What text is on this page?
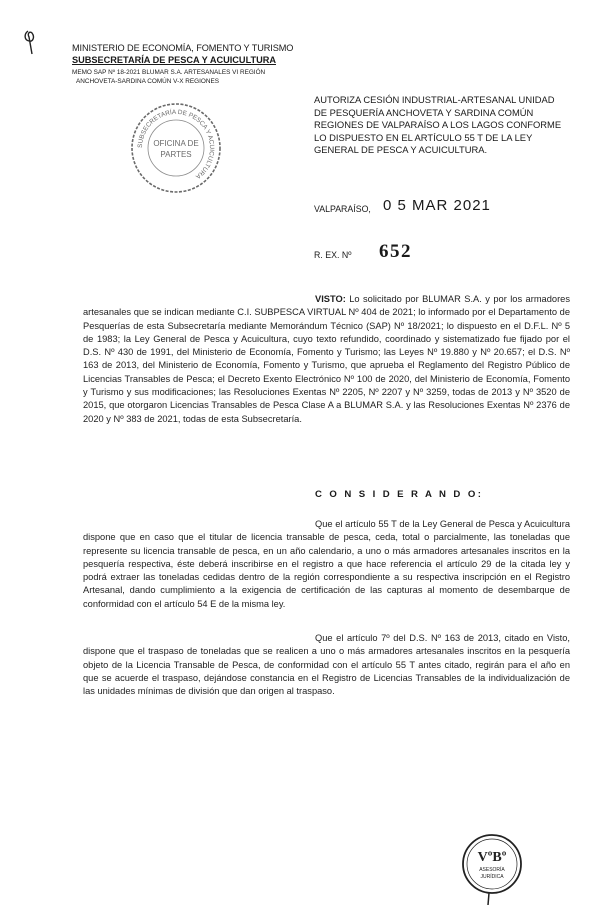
MINISTERIO DE ECONOMÍA, FOMENTO Y TURISMO
SUBSECRETARÍA DE PESCA Y ACUICULTURA
MEMO SAP Nº 18-2021 BLUMAR S.A. ARTESANALES VI REGIÓN
ANCHOVETA-SARDINA COMÚN V-X REGIONES
SUBSECRETARÍA DE PESCA Y ACUICULTURA
OFICINA DE
PARTES
AUTORIZA CESIÓN INDUSTRIAL-ARTESANAL UNIDAD DE PESQUERÍA ANCHOVETA Y SARDINA COMÚN REGIONES DE VALPARAÍSO A LOS LAGOS CONFORME LO DISPUESTO EN EL ARTÍCULO 55 T DE LA LEY GENERAL DE PESCA Y ACUICULTURA.
VALPARAÍSO, 0 5 MAR 2021
R. EX. Nº 652
VISTO: Lo solicitado por BLUMAR S.A. y por los armadores artesanales que se indican mediante C.I. SUBPESCA VIRTUAL Nº 404 de 2021; lo informado por el Departamento de Pesquerías de esta Subsecretaría mediante Memorándum Técnico (SAP) Nº 18/2021; lo dispuesto en el D.F.L. Nº 5 de 1983; la Ley General de Pesca y Acuicultura, cuyo texto refundido, coordinado y sistematizado fue fijado por el D.S. Nº 430 de 1991, del Ministerio de Economía, Fomento y Turismo; las Leyes Nº 19.880 y Nº 20.657; el D.S. Nº 163 de 2013, del Ministerio de Economía, Fomento y Turismo, que aprueba el Reglamento del Registro Público de Licencias Transables de Pesca; el Decreto Exento Electrónico Nº 100 de 2020, del Ministerio de Economía, Fomento y Turismo y sus modificaciones; las Resoluciones Exentas Nº 2205, Nº 2207 y Nº 3259, todas de 2013 y Nº 3520 de 2015, que otorgaron Licencias Transables de Pesca Clase A a BLUMAR S.A. y las Resoluciones Exentas Nº 2376 de 2020 y Nº 383 de 2021, todas de esta Subsecretaría.
C O N S I D E R A N D O:
Que el artículo 55 T de la Ley General de Pesca y Acuicultura dispone que en caso que el titular de licencia transable de pesca, ceda, total o parcialmente, las toneladas que represente su licencia transable de pesca, en un año calendario, a uno o más armadores artesanales inscritos en la pesquería respectiva, éste deberá inscribirse en el registro a que hace referencia el artículo 29 de la citada ley y podrá extraer las toneladas cedidas dentro de la región correspondiente a su respectiva inscripción en el Registro Artesanal, dando cumplimiento a la exigencia de certificación de las capturas al momento de desembarque de conformidad con el artículo 54 E de la misma ley.
Que el artículo 7º del D.S. Nº 163 de 2013, citado en Visto, dispone que el traspaso de toneladas que se realicen a uno o más armadores artesanales inscritos en la pesquería objeto de la Licencia Transable de Pesca, de conformidad con el artículo 55 T antes citado, regirán para el año en que se acuerde el traspaso, dejándose constancia en el Registro de Licencias Transables de la individualización de las unidades mínimas de división que dan origen al traspaso.
VºBº
ASESORÍA
JURÍDICA
